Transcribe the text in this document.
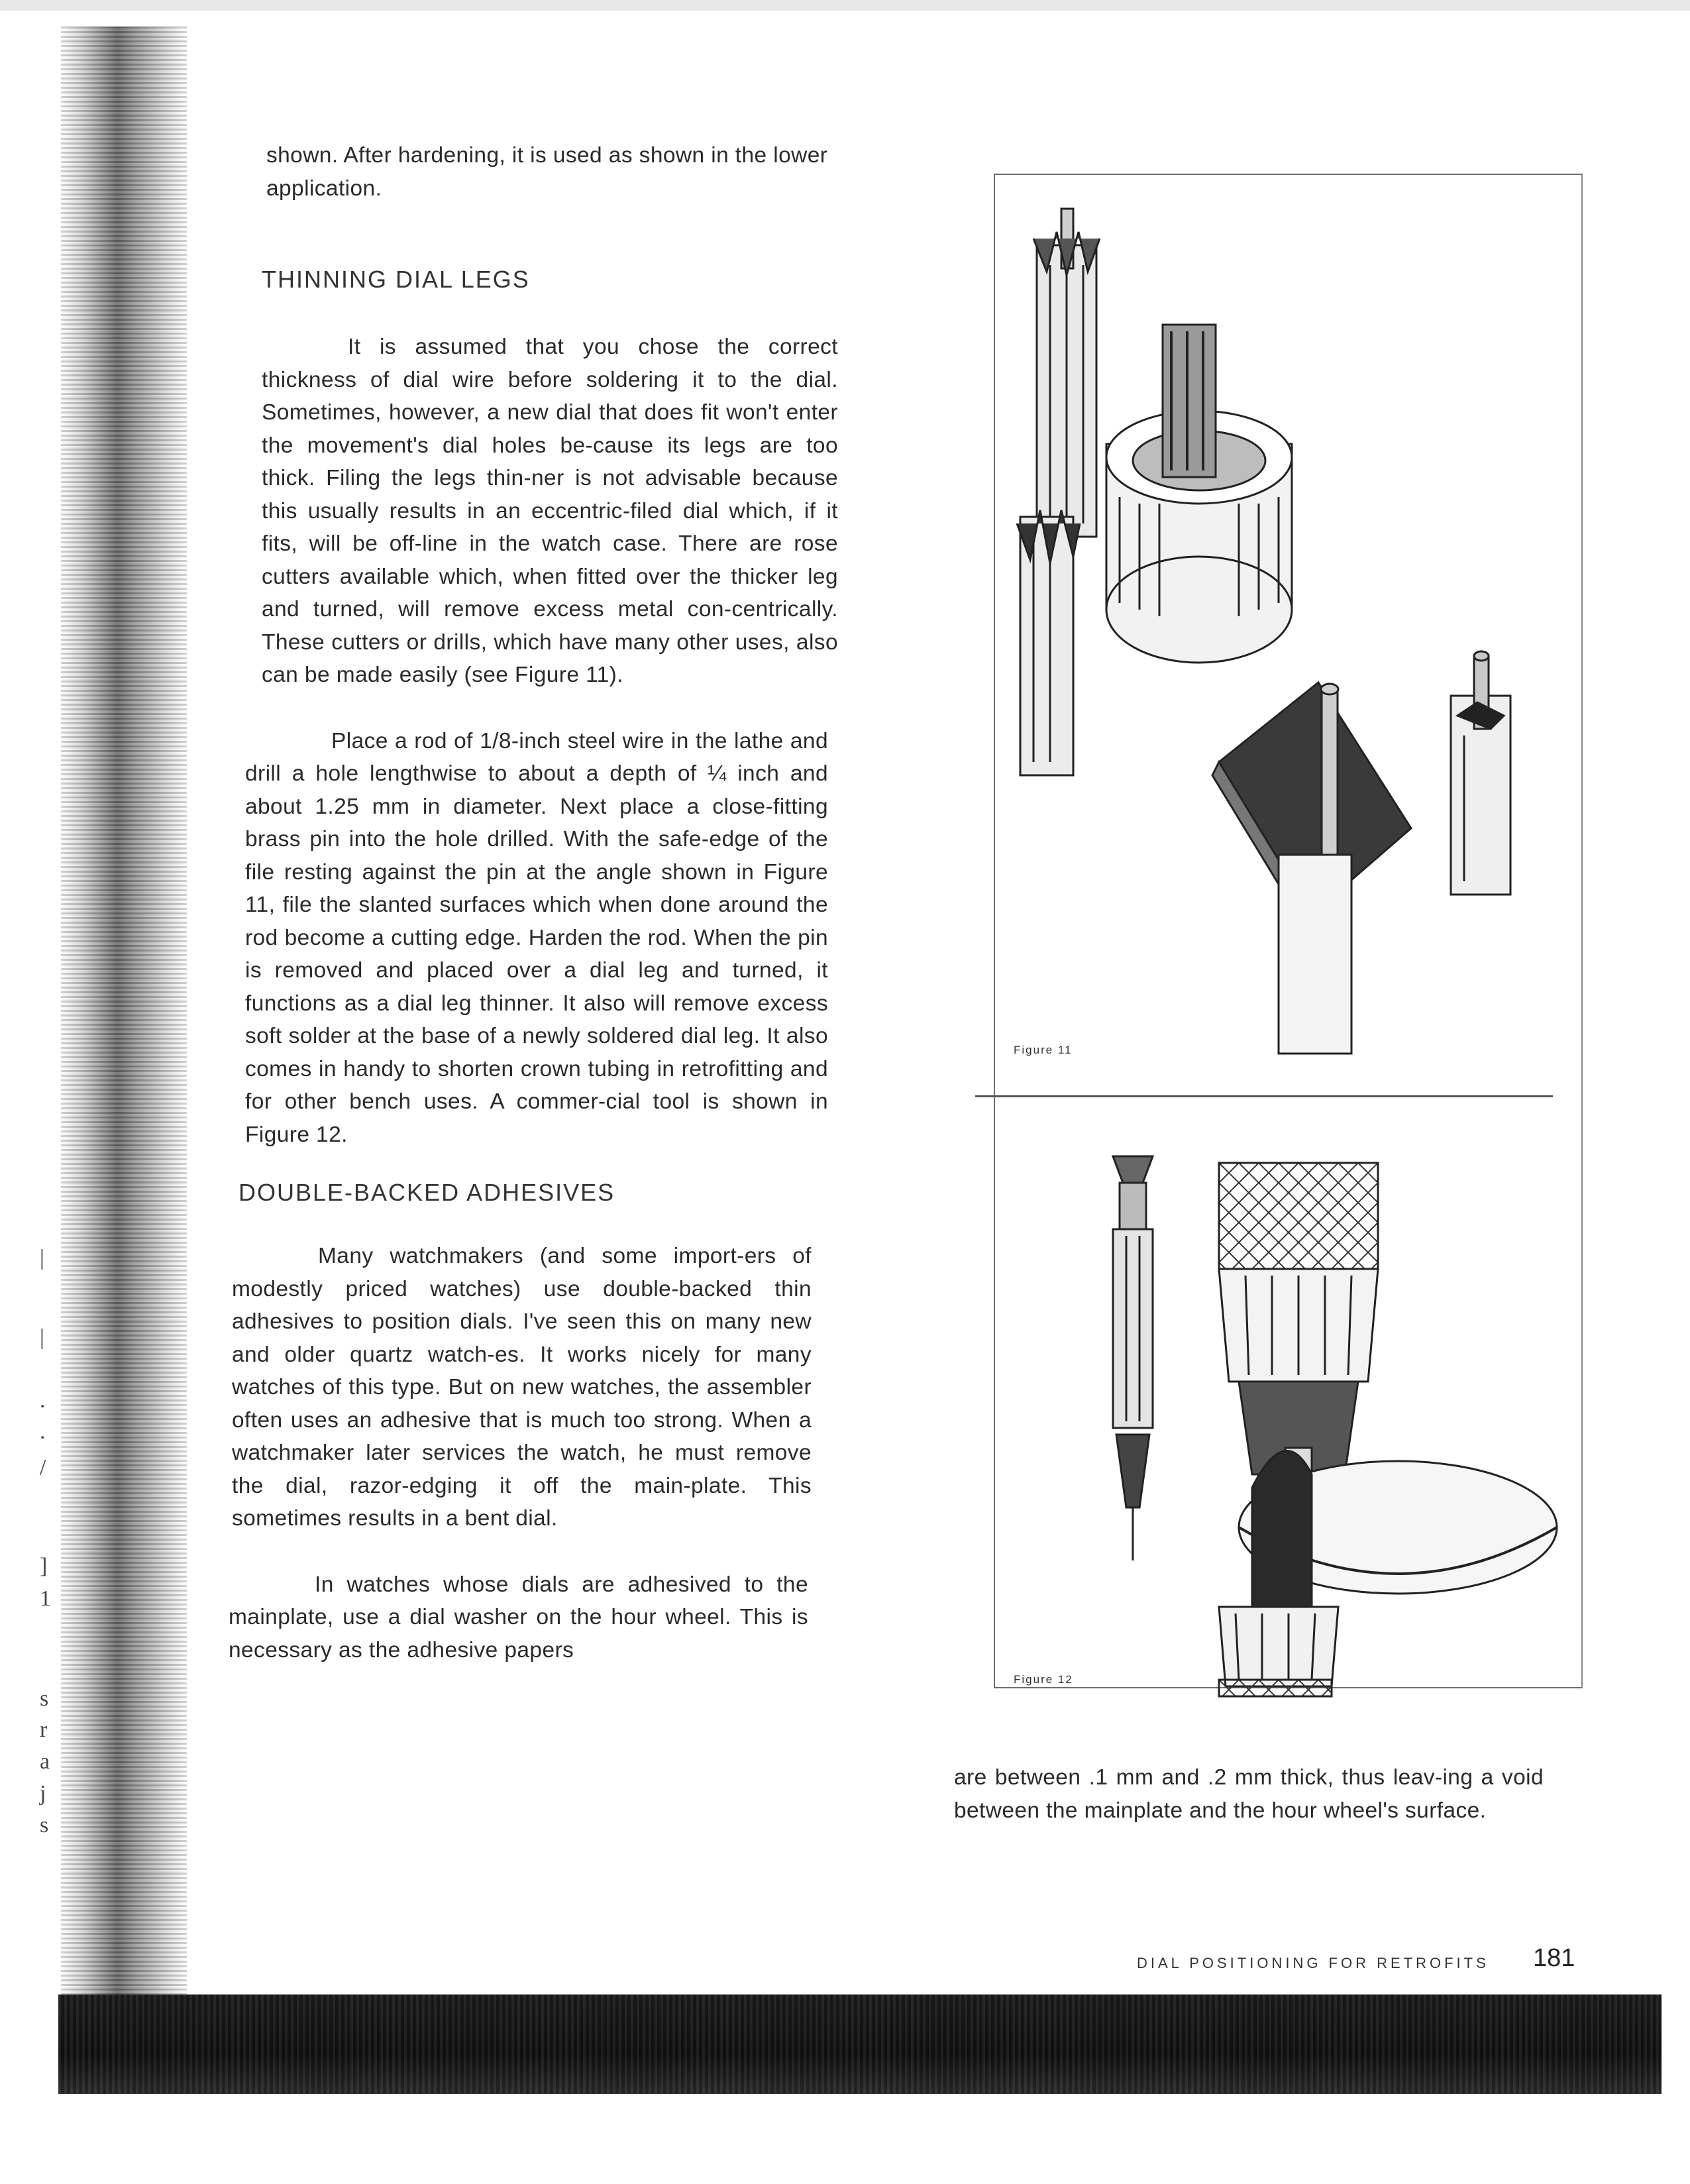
|
|
.
.
/
]
1
s
r
a
j
s

shown. After hardening, it is used as shown in the lower application.

THINNING DIAL LEGS

It is assumed that you chose the correct thickness of dial wire before soldering it to the dial. Sometimes, however, a new dial that does fit won't enter the movement's dial holes be-cause its legs are too thick. Filing the legs thin-ner is not advisable because this usually results in an eccentric-filed dial which, if it fits, will be off-line in the watch case. There are rose cutters available which, when fitted over the thicker leg and turned, will remove excess metal con-centrically. These cutters or drills, which have many other uses, also can be made easily (see Figure 11).

Place a rod of 1/8-inch steel wire in the lathe and drill a hole lengthwise to about a depth of ¼ inch and about 1.25 mm in diameter. Next place a close-fitting brass pin into the hole drilled. With the safe-edge of the file resting against the pin at the angle shown in Figure 11, file the slanted surfaces which when done around the rod become a cutting edge. Harden the rod. When the pin is removed and placed over a dial leg and turned, it functions as a dial leg thinner. It also will remove excess soft solder at the base of a newly soldered dial leg. It also comes in handy to shorten crown tubing in retrofitting and for other bench uses. A commer-cial tool is shown in Figure 12.

DOUBLE-BACKED ADHESIVES

Many watchmakers (and some import-ers of modestly priced watches) use double-backed thin adhesives to position dials. I've seen this on many new and older quartz watch-es. It works nicely for many watches of this type. But on new watches, the assembler often uses an adhesive that is much too strong. When a watchmaker later services the watch, he must remove the dial, razor-edging it off the main-plate. This sometimes results in a bent dial.

In watches whose dials are adhesived to the mainplate, use a dial washer on the hour wheel. This is necessary as the adhesive papers

Figure 11
Figure 12

are between .1 mm and .2 mm thick, thus leav-ing a void between the mainplate and the hour wheel's surface.

DIAL POSITIONING FOR RETROFITS 181
